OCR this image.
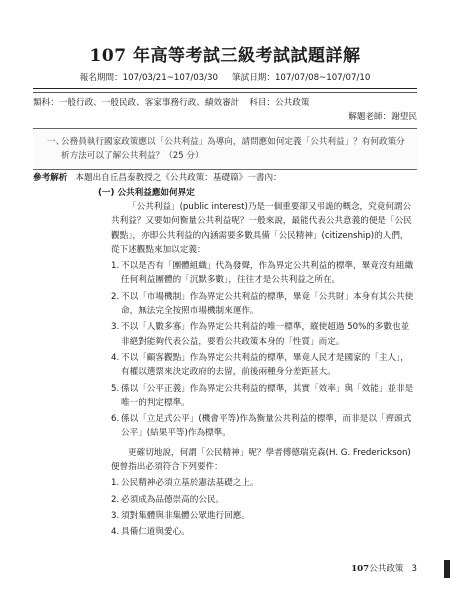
107 年高等考試三級考試試題詳解
報名期間：107/03/21~107/03/30 筆試日期：107/07/08~107/07/10
類科：一般行政、一般民政、客家事務行政、績效審計 科目：公共政策
解題老師：謝望民
一、
公務員執行國家政策應以「公共利益」為導向，請問應如何定義「公共利益」？有何政策分析方法可以了解公共利益？（25 分）
參考解析 本題出自丘昌泰教授之《公共政策：基礎篇》一書內：
(一) 公共利益應如何界定

「公共利益」(public interest)乃是一個重要卻又弔詭的概念，究竟何謂公共利益？又要如何衡量公共利益呢？一般來說，最能代表公共意義的便是「公民觀點」，亦即公共利益的內涵需要多數具備「公民精神」(citizenship)的人們，從下述觀點來加以定義：

1. 不以是否有「團體組織」代為發聲，作為界定公共利益的標準，畢竟沒有組織任何利益團體的「沉默多數」，往往才是公共利益之所在。
2. 不以「市場機制」作為界定公共利益的標準，畢竟「公共財」本身有其公共使命，無法完全按照市場機制來運作。
3. 不以「人數多寡」作為界定公共利益的唯一標準，縱使超過 50%的多數也並非絕對能夠代表公益，要看公共政策本身的「性質」而定。
4. 不以「顧客觀點」作為界定公共利益的標準，畢竟人民才是國家的「主人」，有權以選票來決定政府的去留，前後兩種身分差距甚大。
5. 係以「公平正義」作為界定公共利益的標準，其實「效率」與「效能」並非是唯一的判定標準。
6. 係以「立足式公平」(機會平等)作為衡量公共利益的標準，而非是以「齊頭式公平」(結果平等)作為標準。

更確切地說，何謂「公民精神」呢？學者傅德瑞克森(H. G. Frederickson)便曾指出必須符合下列要件：

1. 公民精神必須立基於憲法基礎之上。
2. 必須成為品德崇高的公民。
3. 須對集體與非集體公眾進行回應。
4. 具備仁道與愛心。
107公共政策 3
